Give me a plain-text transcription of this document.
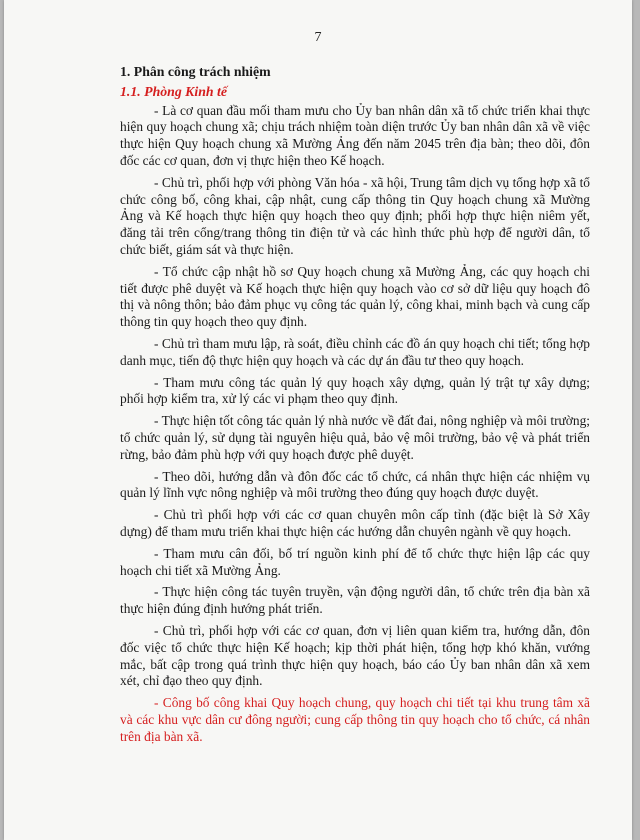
7
1. Phân công trách nhiệm
1.1. Phòng Kinh tế

- Là cơ quan đầu mối tham mưu cho Ủy ban nhân dân xã tổ chức triển khai thực hiện quy hoạch chung xã; chịu trách nhiệm toàn diện trước Ủy ban nhân dân xã về việc thực hiện Quy hoạch chung xã Mường Ảng đến năm 2045 trên địa bàn; theo dõi, đôn đốc các cơ quan, đơn vị thực hiện theo Kế hoạch.

- Chủ trì, phối hợp với phòng Văn hóa - xã hội, Trung tâm dịch vụ tổng hợp xã tổ chức công bố, công khai, cập nhật, cung cấp thông tin Quy hoạch chung xã Mường Ảng và Kế hoạch thực hiện quy hoạch theo quy định; phối hợp thực hiện niêm yết, đăng tải trên cổng/trang thông tin điện tử và các hình thức phù hợp để người dân, tổ chức biết, giám sát và thực hiện.

- Tổ chức cập nhật hồ sơ Quy hoạch chung xã Mường Ảng, các quy hoạch chi tiết được phê duyệt và Kế hoạch thực hiện quy hoạch vào cơ sở dữ liệu quy hoạch đô thị và nông thôn; bảo đảm phục vụ công tác quản lý, công khai, minh bạch và cung cấp thông tin quy hoạch theo quy định.

- Chủ trì tham mưu lập, rà soát, điều chỉnh các đồ án quy hoạch chi tiết; tổng hợp danh mục, tiến độ thực hiện quy hoạch và các dự án đầu tư theo quy hoạch.

- Tham mưu công tác quản lý quy hoạch xây dựng, quản lý trật tự xây dựng; phối hợp kiểm tra, xử lý các vi phạm theo quy định.

- Thực hiện tốt công tác quản lý nhà nước về đất đai, nông nghiệp và môi trường; tổ chức quản lý, sử dụng tài nguyên hiệu quả, bảo vệ môi trường, bảo vệ và phát triển rừng, bảo đảm phù hợp với quy hoạch được phê duyệt.

- Theo dõi, hướng dẫn và đôn đốc các tổ chức, cá nhân thực hiện các nhiệm vụ quản lý lĩnh vực nông nghiệp và môi trường theo đúng quy hoạch được duyệt.

- Chủ trì phối hợp với các cơ quan chuyên môn cấp tỉnh (đặc biệt là Sở Xây dựng) để tham mưu triển khai thực hiện các hướng dẫn chuyên ngành về quy hoạch.

- Tham mưu cân đối, bố trí nguồn kinh phí để tổ chức thực hiện lập các quy hoạch chi tiết xã Mường Ảng.

- Thực hiện công tác tuyên truyền, vận động người dân, tổ chức trên địa bàn xã thực hiện đúng định hướng phát triển.

- Chủ trì, phối hợp với các cơ quan, đơn vị liên quan kiểm tra, hướng dẫn, đôn đốc việc tổ chức thực hiện Kế hoạch; kịp thời phát hiện, tổng hợp khó khăn, vướng mắc, bất cập trong quá trình thực hiện quy hoạch, báo cáo Ủy ban nhân dân xã xem xét, chỉ đạo theo quy định.

- Công bố công khai Quy hoạch chung, quy hoạch chi tiết tại khu trung tâm xã và các khu vực dân cư đông người; cung cấp thông tin quy hoạch cho tổ chức, cá nhân trên địa bàn xã.
